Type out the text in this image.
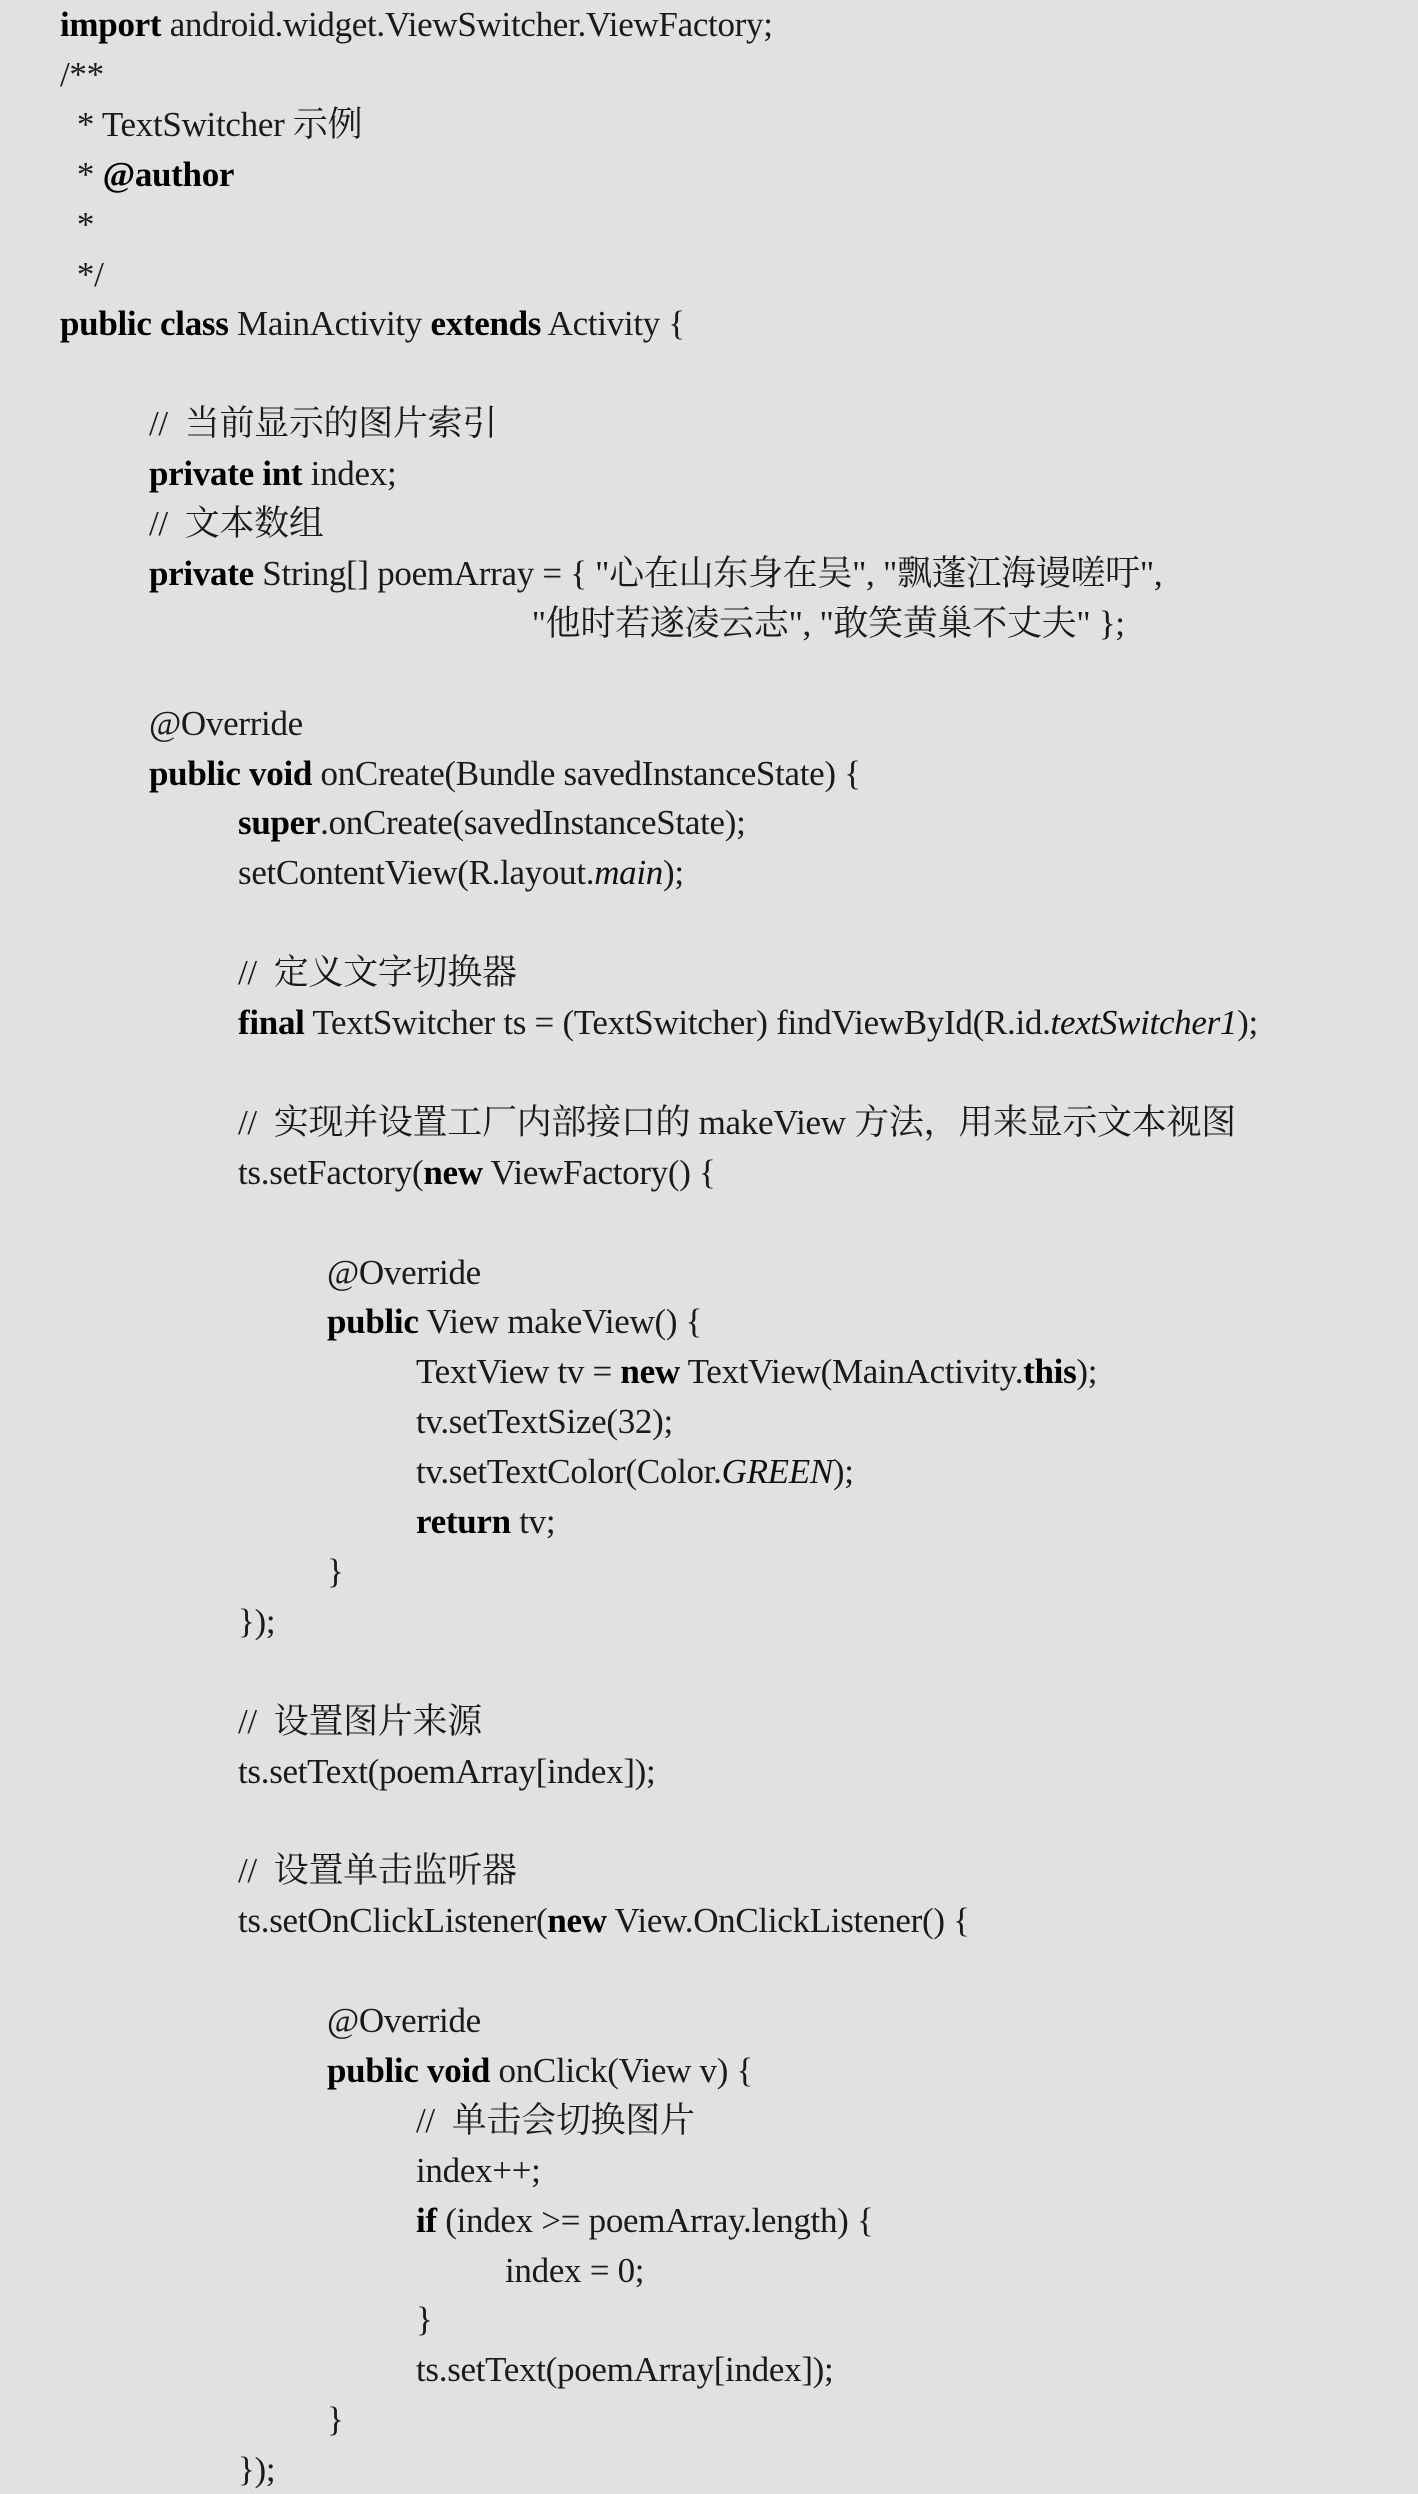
import android.widget.ViewSwitcher.ViewFactory;
/**
* TextSwitcher 示例
* @author
*
*/
public class MainActivity extends Activity {
//  当前显示的图片索引
private int index;
//  文本数组
private String[] poemArray = { "心在山东身在吴", "飘蓬江海谩嗟吁",
"他时若遂凌云志", "敢笑黄巢不丈夫" };
@Override
public void onCreate(Bundle savedInstanceState) {
super.onCreate(savedInstanceState);
setContentView(R.layout.main);
//  定义文字切换器
final TextSwitcher ts = (TextSwitcher) findViewById(R.id.textSwitcher1);
//  实现并设置工厂内部接口的 makeView 方法，用来显示文本视图
ts.setFactory(new ViewFactory() {
@Override
public View makeView() {
TextView tv = new TextView(MainActivity.this);
tv.setTextSize(32);
tv.setTextColor(Color.GREEN);
return tv;
}
});
//  设置图片来源
ts.setText(poemArray[index]);
//  设置单击监听器
ts.setOnClickListener(new View.OnClickListener() {
@Override
public void onClick(View v) {
//  单击会切换图片
index++;
if (index >= poemArray.length) {
index = 0;
}
ts.setText(poemArray[index]);
}
});
